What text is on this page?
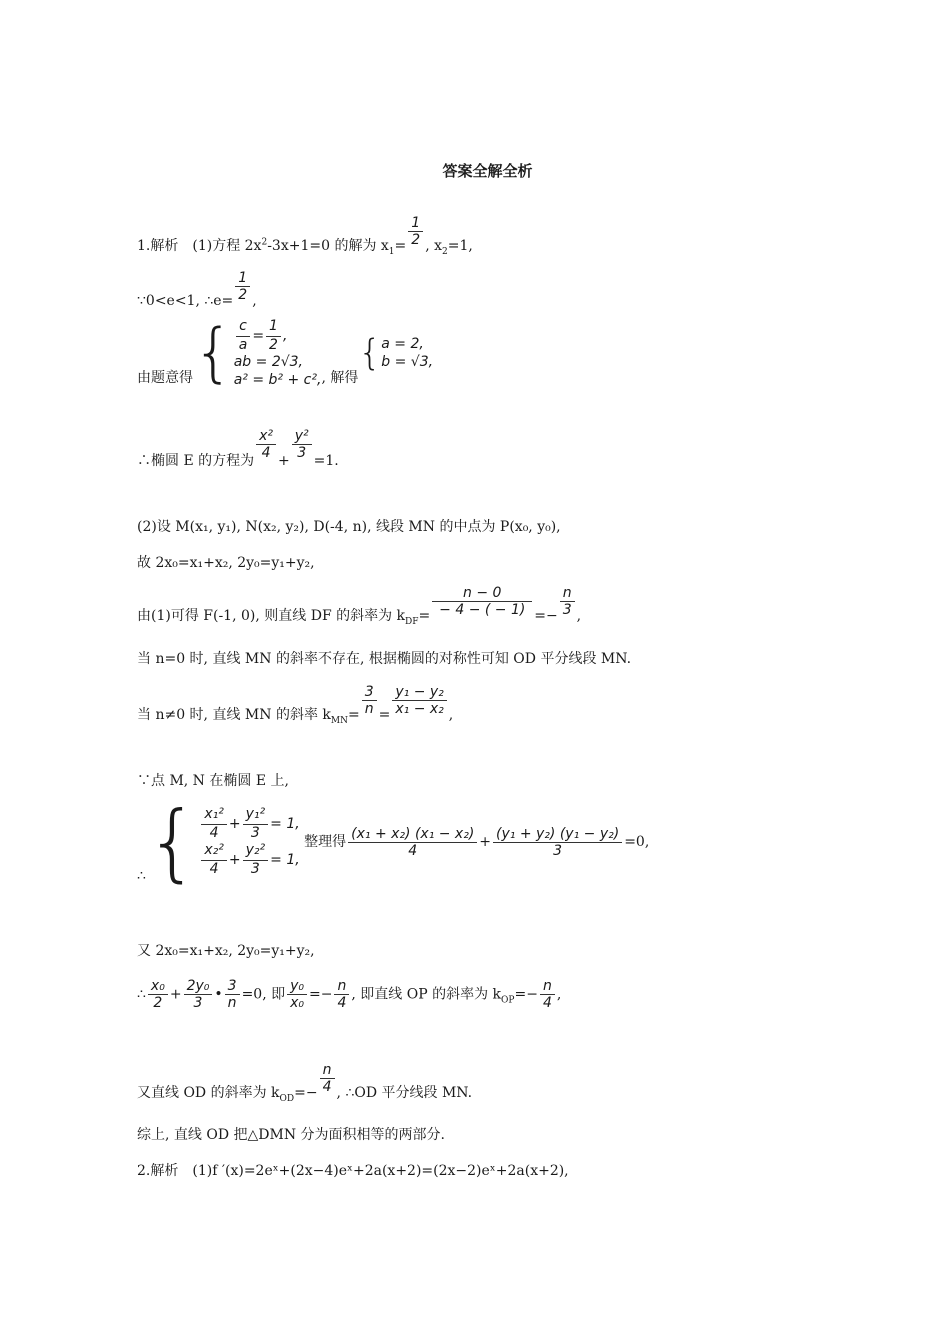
答案全解全析
1.解析　(1)方程 $2x^2-3x+1=0$ 的解为 $x_1= \frac{1}{2}$ , $x_2=1$,
∵0<e<1, ∴e= $\frac{1}{2}$ ,
由题意得{ $\frac{c}{a} = \frac{1}{2}$ ,
ab = 2√3,
a² = b² + c², , 解得{ a = 2,
b = √3,
∴椭圆 E 的方程为 $\frac{\text{x²}}{4} + \frac{\text{y²}}{3} =1$.
(2)设 M(x₁, y₁), N(x₂, y₂), D(-4, n), 线段 MN 的中点为 P(x₀, y₀),
故 2x₀=x₁+x₂, 2y₀=y₁+y₂,
由(1)可得 F(-1, 0), 则直线 DF 的斜率为 $k_{DF}= \frac{n - 0}{- 4 - ( - 1)} =- \frac{n}{3}$ ,
当 n=0 时, 直线 MN 的斜率不存在, 根据椭圆的对称性可知 OD 平分线段 MN.
当 n≠0 时, 直线 MN 的斜率 $k_{MN}= \frac{3}{n} = \frac{\text{y₁ − y₂}}{\text{x₁ − x₂}}$ ,
∵点 M, N 在椭圆 E 上,
∴{ $\frac{\text{x₁²}}{4} + \frac{\text{y₁²}}{3} = 1$,
$\frac{\text{x₂²}}{4} + \frac{\text{y₂²}}{3} = 1$,
整理得 $\frac{\text{(x₁ + x₂) (x₁ − x₂)}}{4} + \frac{\text{(y₁ + y₂) (y₁ − y₂)}}{3} =0$,
又 2x₀=x₁+x₂, 2y₀=y₁+y₂,
∴ $\frac{\text{x₀}}{2} + \frac{\text{2y₀}}{3}$ • $\frac{3}{n} =0$, 即 $\frac{\text{y₀}}{\text{x₀}} =- \frac{n}{4}$ , 即直线 OP 的斜率为 $k_{OP}=- \frac{n}{4}$ ,
又直线 OD 的斜率为 $k_{OD}=- \frac{n}{4}$ , ∴OD 平分线段 MN.
综上, 直线 OD 把△DMN 分为面积相等的两部分.
2.解析　(1)f ′(x)=2eˣ+(2x−4)eˣ+2a(x+2)=(2x−2)eˣ+2a(x+2),
